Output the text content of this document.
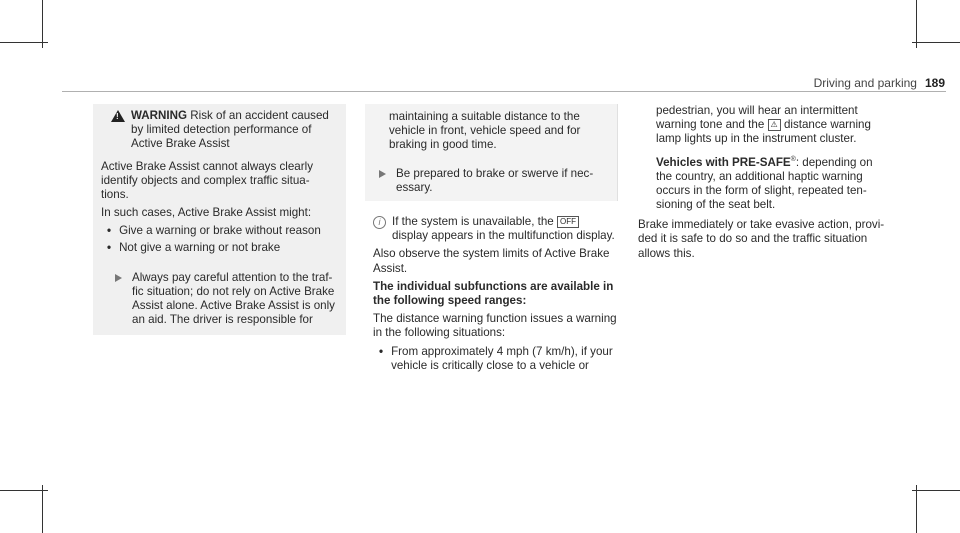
Driving and parking 189
! WARNING Risk of an accident caused by limited detection performance of Active Brake Assist

Active Brake Assist cannot always clearly identify objects and complex traffic situa- tions.

In such cases, Active Brake Assist might:

• Give a warning or brake without reason
• Not give a warning or not brake
Always pay careful attention to the traf- fic situation; do not rely on Active Brake Assist alone. Active Brake Assist is only an aid. The driver is responsible for
maintaining a suitable distance to the vehicle in front, vehicle speed and for braking in good time.
Be prepared to brake or swerve if nec- essary.
i If the system is unavailable, the OFF display appears in the multifunction display.

Also observe the system limits of Active Brake Assist.

The individual subfunctions are available in the following speed ranges:

The distance warning function issues a warning in the following situations:

• From approximately 4 mph (7 km/h), if your vehicle is critically close to a vehicle or

pedestrian, you will hear an intermittent warning tone and the ⚠ distance warning lamp lights up in the instrument cluster.

Vehicles with PRE-SAFE®: depending on the country, an additional haptic warning occurs in the form of slight, repeated ten- sioning of the seat belt.

Brake immediately or take evasive action, provi- ded it is safe to do so and the traffic situation allows this.
